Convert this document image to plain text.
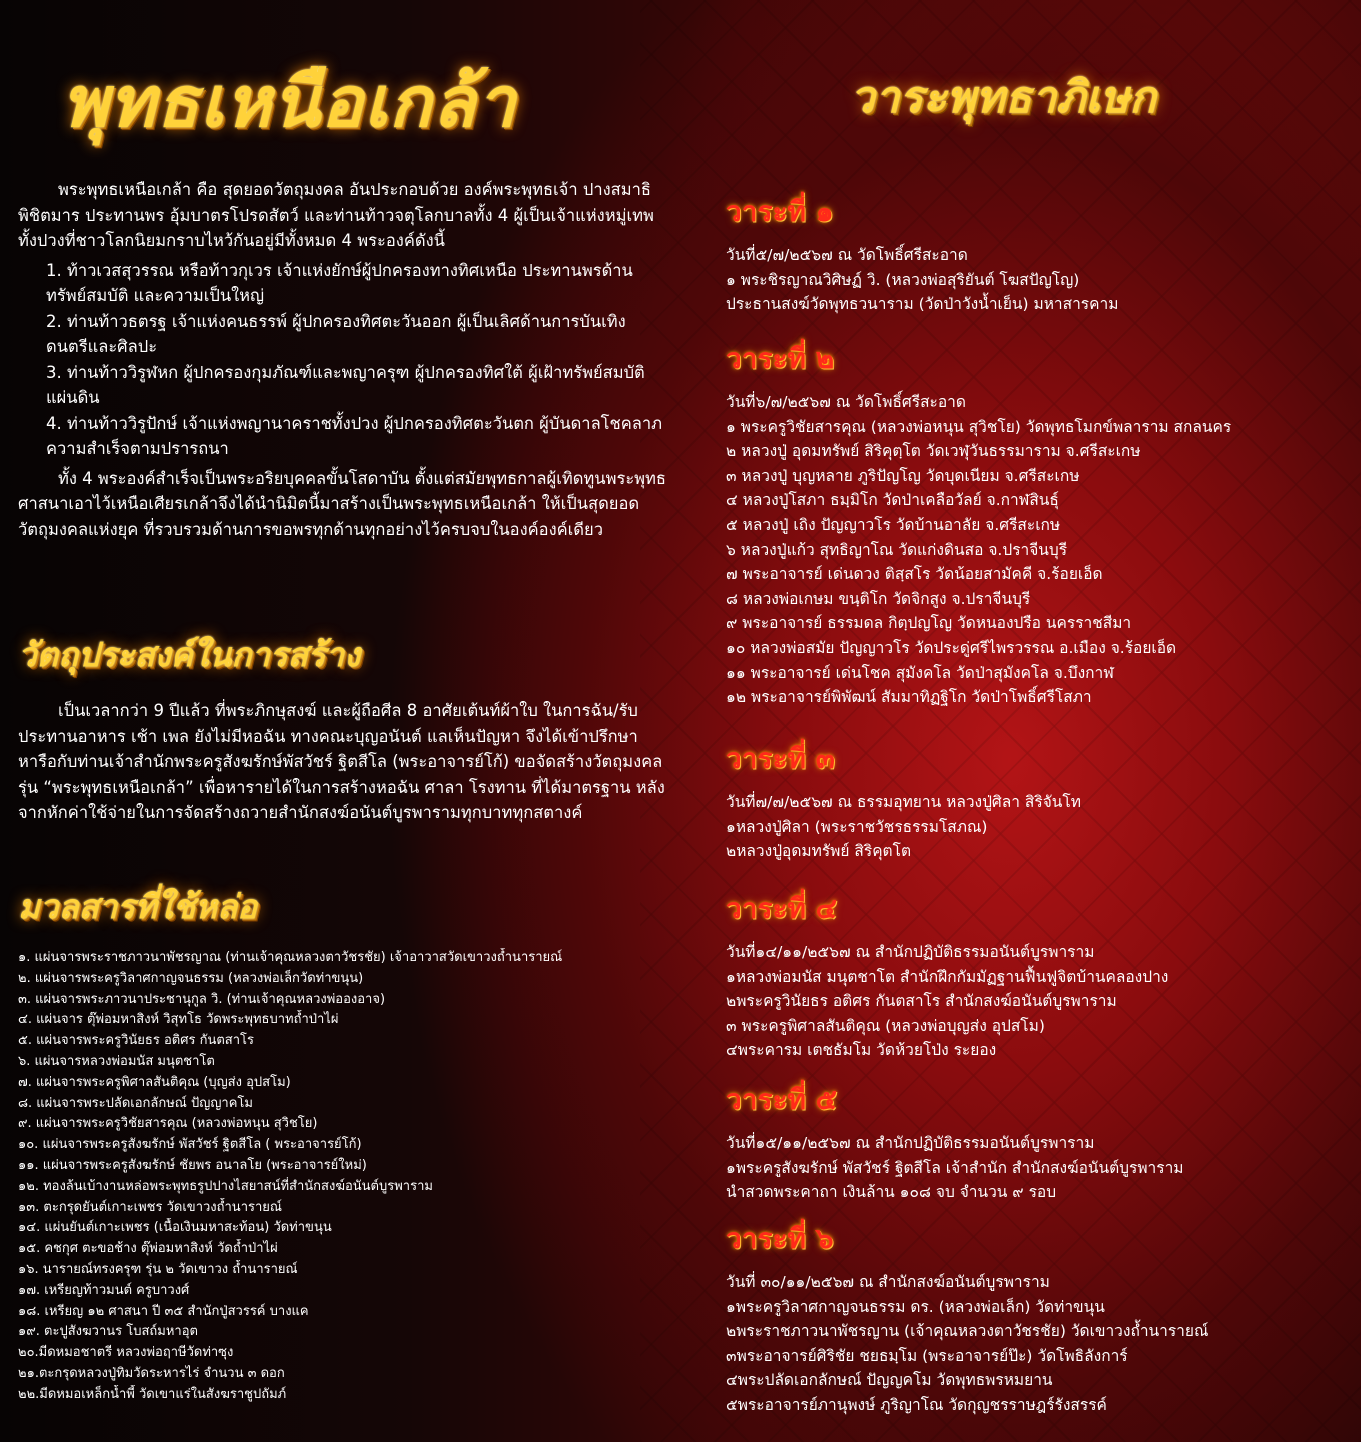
พุทธเหนือเกล้า

พระพุทธเหนือเกล้า คือ สุดยอดวัตถุมงคล อันประกอบด้วย องค์พระพุทธเจ้า ปางสมาธิ พิชิตมาร ประทานพร อุ้มบาตรโปรดสัตว์ และท่านท้าวจตุโลกบาลทั้ง 4 ผู้เป็นเจ้าแห่งหมู่เทพทั้งปวงที่ชาวโลกนิยมกราบไหว้กันอยู่มีทั้งหมด 4 พระองค์ดังนี้

1. ท้าวเวสสุวรรณ หรือท้าวกุเวร เจ้าแห่งยักษ์ผู้ปกครองทางทิศเหนือ ประทานพรด้านทรัพย์สมบัติ และความเป็นใหญ่
2. ท่านท้าวธตรฐ เจ้าแห่งคนธรรพ์ ผู้ปกครองทิศตะวันออก ผู้เป็นเลิศด้านการบันเทิง ดนตรีและศิลปะ
3. ท่านท้าววิรูฬหก ผู้ปกครองกุมภัณฑ์และพญาครุฑ ผู้ปกครองทิศใต้ ผู้เฝ้าทรัพย์สมบัติแผ่นดิน
4. ท่านท้าววิรูปักษ์ เจ้าแห่งพญานาคราชทั้งปวง ผู้ปกครองทิศตะวันตก ผู้บันดาลโชคลาภ ความสำเร็จตามปรารถนา

ทั้ง 4 พระองค์สำเร็จเป็นพระอริยบุคคลขั้นโสดาบัน ตั้งแต่สมัยพุทธกาลผู้เทิดทูนพระพุทธศาสนาเอาไว้เหนือเศียรเกล้าจึงได้นำนิมิตนี้มาสร้างเป็นพระพุทธเหนือเกล้า ให้เป็นสุดยอดวัตถุมงคลแห่งยุค ที่รวบรวมด้านการขอพรทุกด้านทุกอย่างไว้ครบจบในองค์องค์เดียว

วัตถุประสงค์ในการสร้าง

เป็นเวลากว่า 9 ปีแล้ว ที่พระภิกษุสงฆ์ และผู้ถือศีล 8 อาศัยเต้นท์ผ้าใบ ในการฉัน/รับประทานอาหาร เช้า เพล ยังไม่มีหอฉัน ทางคณะบุญอนันต์ แลเห็นปัญหา จึงได้เข้าปรึกษาหารือกับท่านเจ้าสำนักพระครูสังฆรักษ์พัสวัชร์ ฐิตสีโล (พระอาจารย์โก้) ขอจัดสร้างวัตถุมงคล รุ่น “พระพุทธเหนือเกล้า” เพื่อหารายได้ในการสร้างหอฉัน ศาลา โรงทาน ที่ได้มาตรฐาน หลังจากหักค่าใช้จ่ายในการจัดสร้างถวายสำนักสงฆ์อนันต์บูรพารามทุกบาททุกสตางค์

มวลสารที่ใช้หล่อ
๑. แผ่นจารพระราชภาวนาพัชรญาณ (ท่านเจ้าคุณหลวงตาวัชรชัย) เจ้าอาวาสวัดเขาวงถ้ำนารายณ์
๒. แผ่นจารพระครูวิลาศกาญจนธรรม (หลวงพ่อเล็กวัดท่าขนุน)
๓. แผ่นจารพระภาวนาประชานุกูล วิ. (ท่านเจ้าคุณหลวงพ่อองอาจ)
๔. แผ่นจาร ตุ๊พ่อมหาสิงห์ วิสุทโธ วัดพระพุทธบาทถ้ำป่าไผ่
๕. แผ่นจารพระครูวินัยธร อติศร กันตสาโร
๖. แผ่นจารหลวงพ่อมนัส มนุตชาโต
๗. แผ่นจารพระครูพิศาลสันติคุณ (บุญส่ง อุปสโม)
๘. แผ่นจารพระปลัดเอกลักษณ์ ปัญญาคโม
๙. แผ่นจารพระครูวิชัยสารคุณ (หลวงพ่อหนุน สุวิชโย)
๑๐. แผ่นจารพระครูสังฆรักษ์ พัสวัชร์ ฐิตสีโล ( พระอาจารย์โก้)
๑๑. แผ่นจารพระครูสังฆรักษ์ ชัยพร อนาลโย (พระอาจารย์ใหม่)
๑๒. ทองล้นเบ้างานหล่อพระพุทธรูปปางไสยาสน์ที่สำนักสงฆ์อนันต์บูรพาราม
๑๓. ตะกรุดยันต์เกาะเพชร วัดเขาวงถ้ำนารายณ์
๑๔. แผ่นยันต์เกาะเพชร (เนื้อเงินมหาสะท้อน) วัดท่าขนุน
๑๕. คชกุศ ตะขอช้าง ตุ๊พ่อมหาสิงห์ วัดถ้ำป่าไผ่
๑๖. นารายณ์ทรงครุฑ รุ่น ๒ วัดเขาวง ถ้ำนารายณ์
๑๗. เหรียญท้าวมนต์ ครูบาวงศ์
๑๘. เหรียญ ๑๒ ศาสนา ปี ๓๕ สำนักปู่สวรรค์ บางแค
๑๙. ตะปูสังฆวานร โบสถ์มหาอุต
๒๐.มีดหมอชาตรี หลวงพ่อฤาษีวัดท่าซุง
๒๑.ตะกรุดหลวงปู่ทิมวัดระหารไร่ จำนวน ๓ ดอก
๒๒.มีดหมอเหล็กน้ำพี้ วัดเขาแร่ในสังฆราชูปถัมภ์
วาระพุทธาภิเษก
วาระที่ ๑
วันที่๕/๗/๒๕๖๗ ณ วัดโพธิ์ศรีสะอาด
๑ พระชิรญาณวิศิษฏ์ วิ. (หลวงพ่อสุริยันต์ โฆสปัญโญ)
ประธานสงฆ์วัดพุทธวนาราม (วัดป่าวังน้ำเย็น) มหาสารคาม
วาระที่ ๒
วันที่๖/๗/๒๕๖๗ ณ วัดโพธิ์ศรีสะอาด
๑ พระครูวิชัยสารคุณ (หลวงพ่อหนุน สุวิชโย) วัดพุทธโมกข์พลาราม สกลนคร
๒ หลวงปู่ อุดมทรัพย์ สิริคุตฺโต วัดเวฬุวันธรรมาราม จ.ศรีสะเกษ
๓ หลวงปู่ บุญหลาย ภูริปัญโญ วัดบุดเนียม จ.ศรีสะเกษ
๔ หลวงปู่โสภา ธมฺมิโก วัดป่าเคลือวัลย์ จ.กาฬสินธุ์
๕ หลวงปู่ เถิง ปัญญาวโร วัดบ้านอาลัย จ.ศรีสะเกษ
๖ หลวงปู่แก้ว สุทธิญาโณ วัดแก่งดินสอ จ.ปราจีนบุรี
๗ พระอาจารย์ เด่นดวง ติสฺสโร วัดน้อยสามัคคี จ.ร้อยเอ็ด
๘ หลวงพ่อเกษม ขนฺติโก วัดจิกสูง จ.ปราจีนบุรี
๙ พระอาจารย์ ธรรมดล กิตฺปญโญ วัดหนองปรือ นครราชสีมา
๑๐ หลวงพ่อสมัย ปัญญาวโร วัดประดู่ศรีไพรวรรณ อ.เมือง จ.ร้อยเอ็ด
๑๑ พระอาจารย์ เด่นโชค สุมังคโล วัดป่าสุมังคโล จ.บึงกาฬ
๑๒ พระอาจารย์พิพัฒน์ สัมมาทิฏฐิโก วัดป่าโพธิ์ศรีโสภา
วาระที่ ๓
วันที่๗/๗/๒๕๖๗ ณ ธรรมอุทยาน หลวงปู่ศิลา สิริจันโท
๑หลวงปู่ศิลา (พระราชวัชรธรรมโสภณ)
๒หลวงปู่อุดมทรัพย์ สิริคุตโต
วาระที่ ๔
วันที่๑๔/๑๑/๒๕๖๗ ณ สำนักปฏิบัติธรรมอนันต์บูรพาราม
๑หลวงพ่อมนัส มนุตชาโต สำนักฝึกกัมมัฏฐานฟื้นฟูจิตบ้านคลองปาง
๒พระครูวินัยธร อติศร กันตสาโร สำนักสงฆ์อนันต์บูรพาราม
๓ พระครูพิศาลสันติคุณ (หลวงพ่อบุญส่ง อุปสโม)
๔พระคารม เตชธัมโม วัดห้วยโป่ง ระยอง
วาระที่ ๕
วันที่๑๕/๑๑/๒๕๖๗ ณ สำนักปฏิบัติธรรมอนันต์บูรพาราม
๑พระครูสังฆรักษ์ พัสวัชร์ ฐิตสีโล เจ้าสำนัก สำนักสงฆ์อนันต์บูรพาราม
นำสวดพระคาถา เงินล้าน ๑๐๘ จบ จำนวน ๙ รอบ
วาระที่ ๖
วันที่ ๓๐/๑๑/๒๕๖๗ ณ สำนักสงฆ์อนันต์บูรพาราม
๑พระครูวิลาศกาญจนธรรม ดร. (หลวงพ่อเล็ก) วัดท่าขนุน
๒พระราชภาวนาพัชรญาน (เจ้าคุณหลวงตาวัชรชัย) วัดเขาวงถ้ำนารายณ์
๓พระอาจารย์ศิริชัย ชยธมฺโม (พระอาจารย์ป๊ะ) วัดโพธิลังการ์
๔พระปลัดเอกลักษณ์ ปัญญคโม วัดพุทธพรหมยาน
๕พระอาจารย์ภานุพงษ์ ภูริญาโณ วัดกุญชรราษฎร์รังสรรค์
